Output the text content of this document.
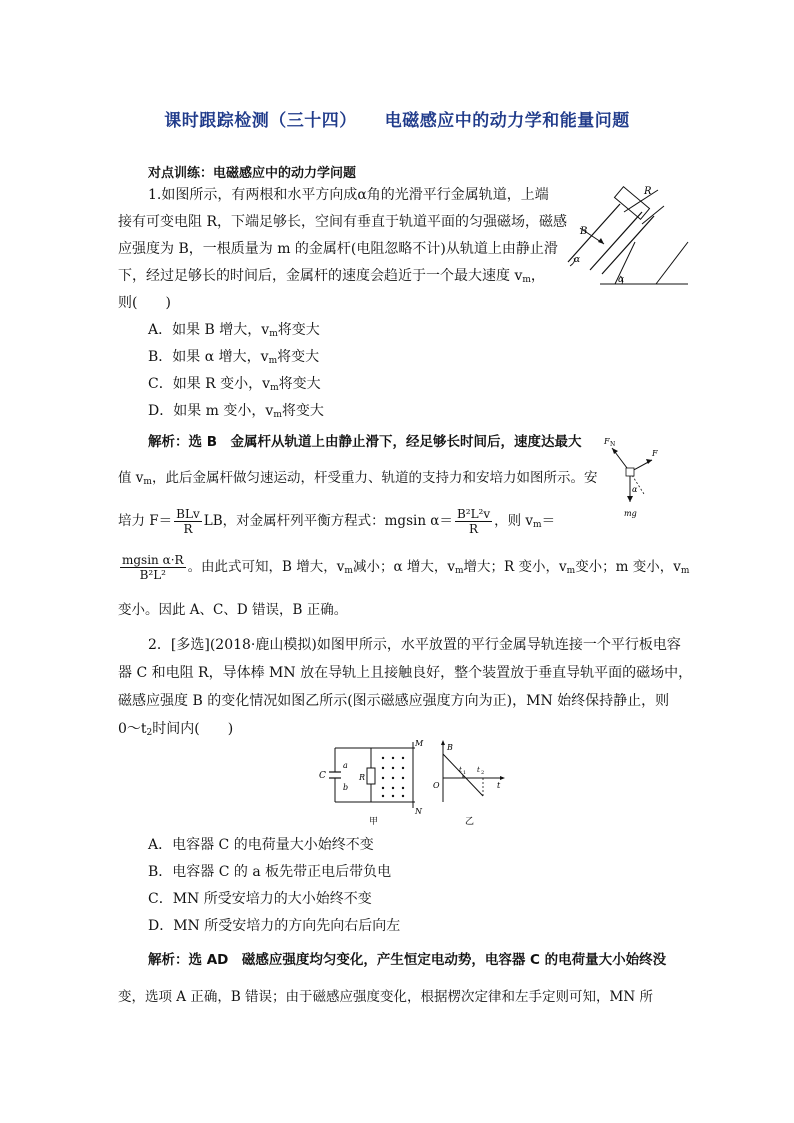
课时跟踪检测（三十四） 电磁感应中的动力学和能量问题
对点训练：电磁感应中的动力学问题
1.如图所示，有两根和水平方向成α角的光滑平行金属轨道，上端
接有可变电阻 R，下端足够长，空间有垂直于轨道平面的匀强磁场，磁感
应强度为 B，一根质量为 m 的金属杆(电阻忽略不计)从轨道上由静止滑
下，经过足够长的时间后，金属杆的速度会趋近于一个最大速度 $v_m$，
则(　　)
A．如果 B 增大，$v_m$将变大
B．如果 α 增大，$v_m$将变大
C．如果 R 变小，$v_m$将变大
D．如果 m 变小，$v_m$将变大
R
B
α
α
解析：选 B　金属杆从轨道上由静止滑下，经足够长时间后，速度达最大
值 $v_m$，此后金属杆做匀速运动，杆受重力、轨道的支持力和安培力如图所示。安
培力 $F= \frac{\text{BLv}}{R}$ LB，对金属杆列平衡方程式：mgsin $\alpha= \frac{\text{B²L²v}}{R}$ ，则 $v_m=$
$\frac{\text{mgsin α·R}}{\text{B²L²}}$ 。由此式可知，B 增大，$v_m$减小；α 增大，$v_m$增大；R 变小，$v_m$变小；m 变小，$v_m$
变小。因此 A、C、D 错误，B 正确。
F N
F
α
mg
2．[多选](2018·鹿山模拟)如图甲所示，水平放置的平行金属导轨连接一个平行板电容
器 C 和电阻 R，导体棒 MN 放在导轨上且接触良好，整个装置放于垂直导轨平面的磁场中，
磁感应强度 B 的变化情况如图乙所示(图示磁感应强度方向为正)，MN 始终保持静止，则
$0\sim t_2$时间内(　　)
C
a
b
R
M
N
甲
B
O
t 1 t 2
t
乙
A．电容器 C 的电荷量大小始终不变
B．电容器 C 的 a 板先带正电后带负电
C．MN 所受安培力的大小始终不变
D．MN 所受安培力的方向先向右后向左
解析：选 AD　磁感应强度均匀变化，产生恒定电动势，电容器 C 的电荷量大小始终没
变，选项 A 正确，B 错误；由于磁感应强度变化，根据楞次定律和左手定则可知，MN 所
